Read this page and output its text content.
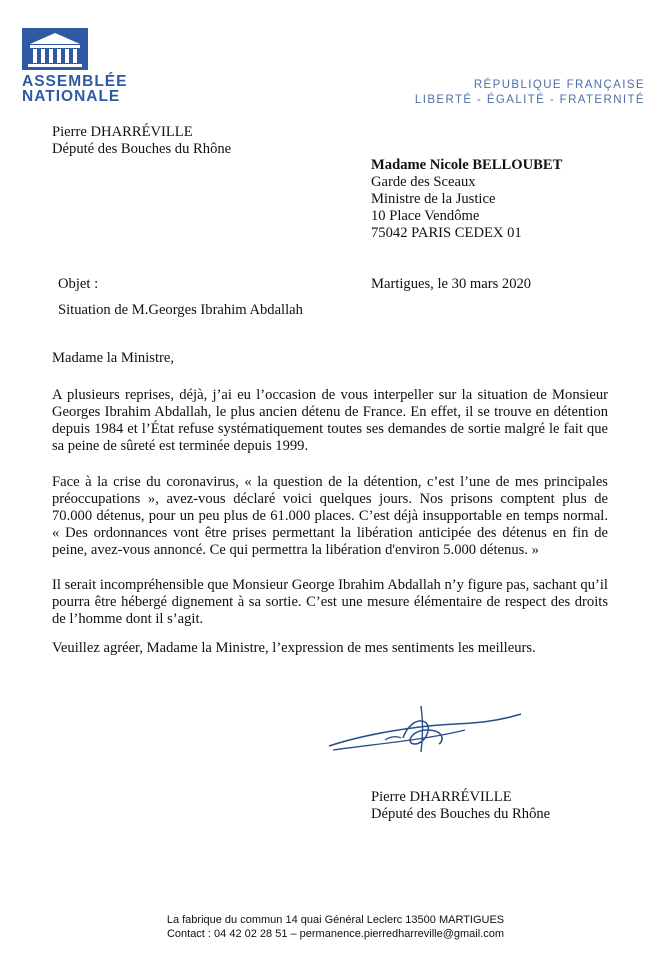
ASSEMBLÉE
NATIONALE
RÉPUBLIQUE FRANÇAISE
LIBERTÉ - ÉGALITÉ - FRATERNITÉ
Pierre DHARRÉVILLE
Député des Bouches du Rhône
Madame Nicole BELLOUBET
Garde des Sceaux
Ministre de la Justice
10 Place Vendôme
75042 PARIS CEDEX 01
Objet :
Situation de M.Georges Ibrahim Abdallah
Martigues, le 30 mars 2020
Madame la Ministre,
A plusieurs reprises, déjà, j’ai eu l’occasion de vous interpeller sur la situation de Monsieur Georges Ibrahim Abdallah, le plus ancien détenu de France. En effet, il se trouve en détention depuis 1984 et l’État refuse systématiquement toutes ses demandes de sortie malgré le fait que sa peine de sûreté est terminée depuis 1999.
Face à la crise du coronavirus, « la question de la détention, c’est l’une de mes principales préoccupations », avez-vous déclaré voici quelques jours. Nos prisons comptent plus de 70.000 détenus, pour un peu plus de 61.000 places. C’est déjà insupportable en temps normal. « Des ordonnances vont être prises permettant la libération anticipée des détenus en fin de peine, avez-vous annoncé. Ce qui permettra la libération d'environ 5.000 détenus. »
Il serait incompréhensible que Monsieur George Ibrahim Abdallah n’y figure pas, sachant qu’il pourra être hébergé dignement à sa sortie. C’est une mesure élémentaire de respect des droits de l’homme dont il s’agit.
Veuillez agréer, Madame la Ministre, l’expression de mes sentiments les meilleurs.
Pierre DHARRÉVILLE
Député des Bouches du Rhône
La fabrique du commun 14 quai Général Leclerc 13500 MARTIGUES
Contact : 04 42 02 28 51 – permanence.pierredharreville@gmail.com
